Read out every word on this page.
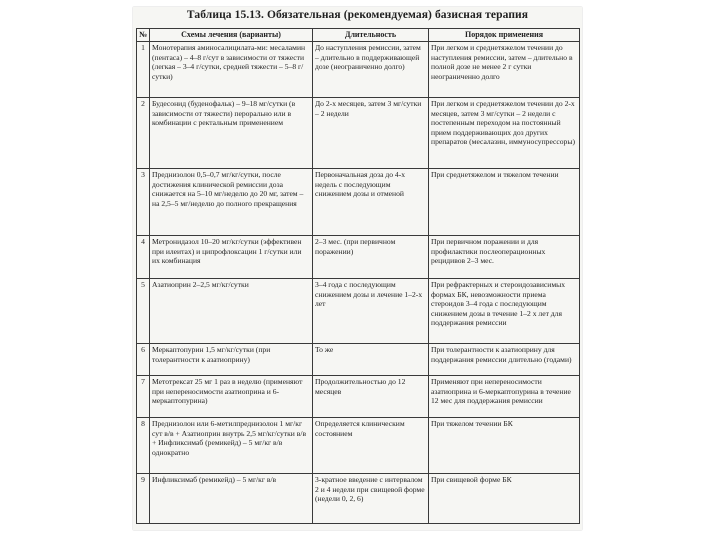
Таблица 15.13. Обязательная (рекомендуемая) базисная терапия
№	Схемы лечения (варианты)	Длительность	Порядок применения
1	Монотерапия аминосалицилата-ми: месаламин (пентаса) – 4–8 г/сут в зависимости от тяжести (легкая – 3–4 г/сутки, средней тяжести – 5–8 г/сутки)	До наступления ремиссии, затем – длительно в поддерживающей дозе (неограниченно долго)	При легком и среднетяжелом течении до наступления ремиссии, затем – длительно в полной дозе не менее 2 г сутки неограниченно долго
2	Будесонид (буденофальк) – 9–18 мг/сутки (в зависимости от тяжести) перорально или в комбинации с ректальным применением	До 2-х месяцев, затем 3 мг/сутки – 2 недели	При легком и среднетяжелом течении до 2-х месяцев, затем 3 мг/сутки – 2 недели с постепенным переходом на постоянный прием поддерживающих доз других препаратов (месалазин, иммуносупрессоры)
3	Преднизолон 0,5–0,7 мг/кг/сутки, после достижения клинической ремиссии доза снижается на 5–10 мг/неделю до 20 мг, затем – на 2,5–5 мг/неделю до полного прекращения	Первоначальная доза до 4-х недель с последующим снижением дозы и отменой	При среднетяжелом и тяжелом течении
4	Метронидазол 10–20 мг/кг/сутки (эффективен при илеитах) и ципрофлоксацин 1 г/сутки или их комбинация	2–3 мес. (при первичном поражении)	При первичном поражении и для профилактики послеоперационных рецидивов 2–3 мес.
5	Азатиоприн 2–2,5 мг/кг/сутки	3–4 года с последующим снижением дозы и лечение 1–2-х лет	При рефрактерных и стероидозависимых формах БК, невозможности приема стероидов 3–4 года с последующим снижением дозы в течение 1–2 х лет для поддержания ремиссии
6	Меркаптопурин 1,5 мг/кг/сутки (при толерантности к азатиоприну)	То же	При толерантности к азатиоприну для поддержания ремиссии длительно (годами)
7	Метотрексат 25 мг 1 раз в неделю (применяют при непереносимости азатиоприна и 6-меркаптопурина)	Продолжительностью до 12 месяцев	Применяют при непереносимости азатиоприна и 6-меркаптопурина в течение 12 мес для поддержания ремиссии
8	Преднизолон или 6-метилпреднизолон 1 мг/кг сут в/в + Азатиоприн внутрь 2,5 мг/кг/сутки в/в + Инфликсимаб (ремикейд) – 5 мг/кг в/в однократно	Определяется клиническим состоянием	При тяжелом течении БК
9	Инфликсимаб (ремикейд) – 5 мг/кг в/в	3-кратное введение с интервалом 2 и 4 недели при свищевой форме (недели 0, 2, 6)	При свищевой форме БК
